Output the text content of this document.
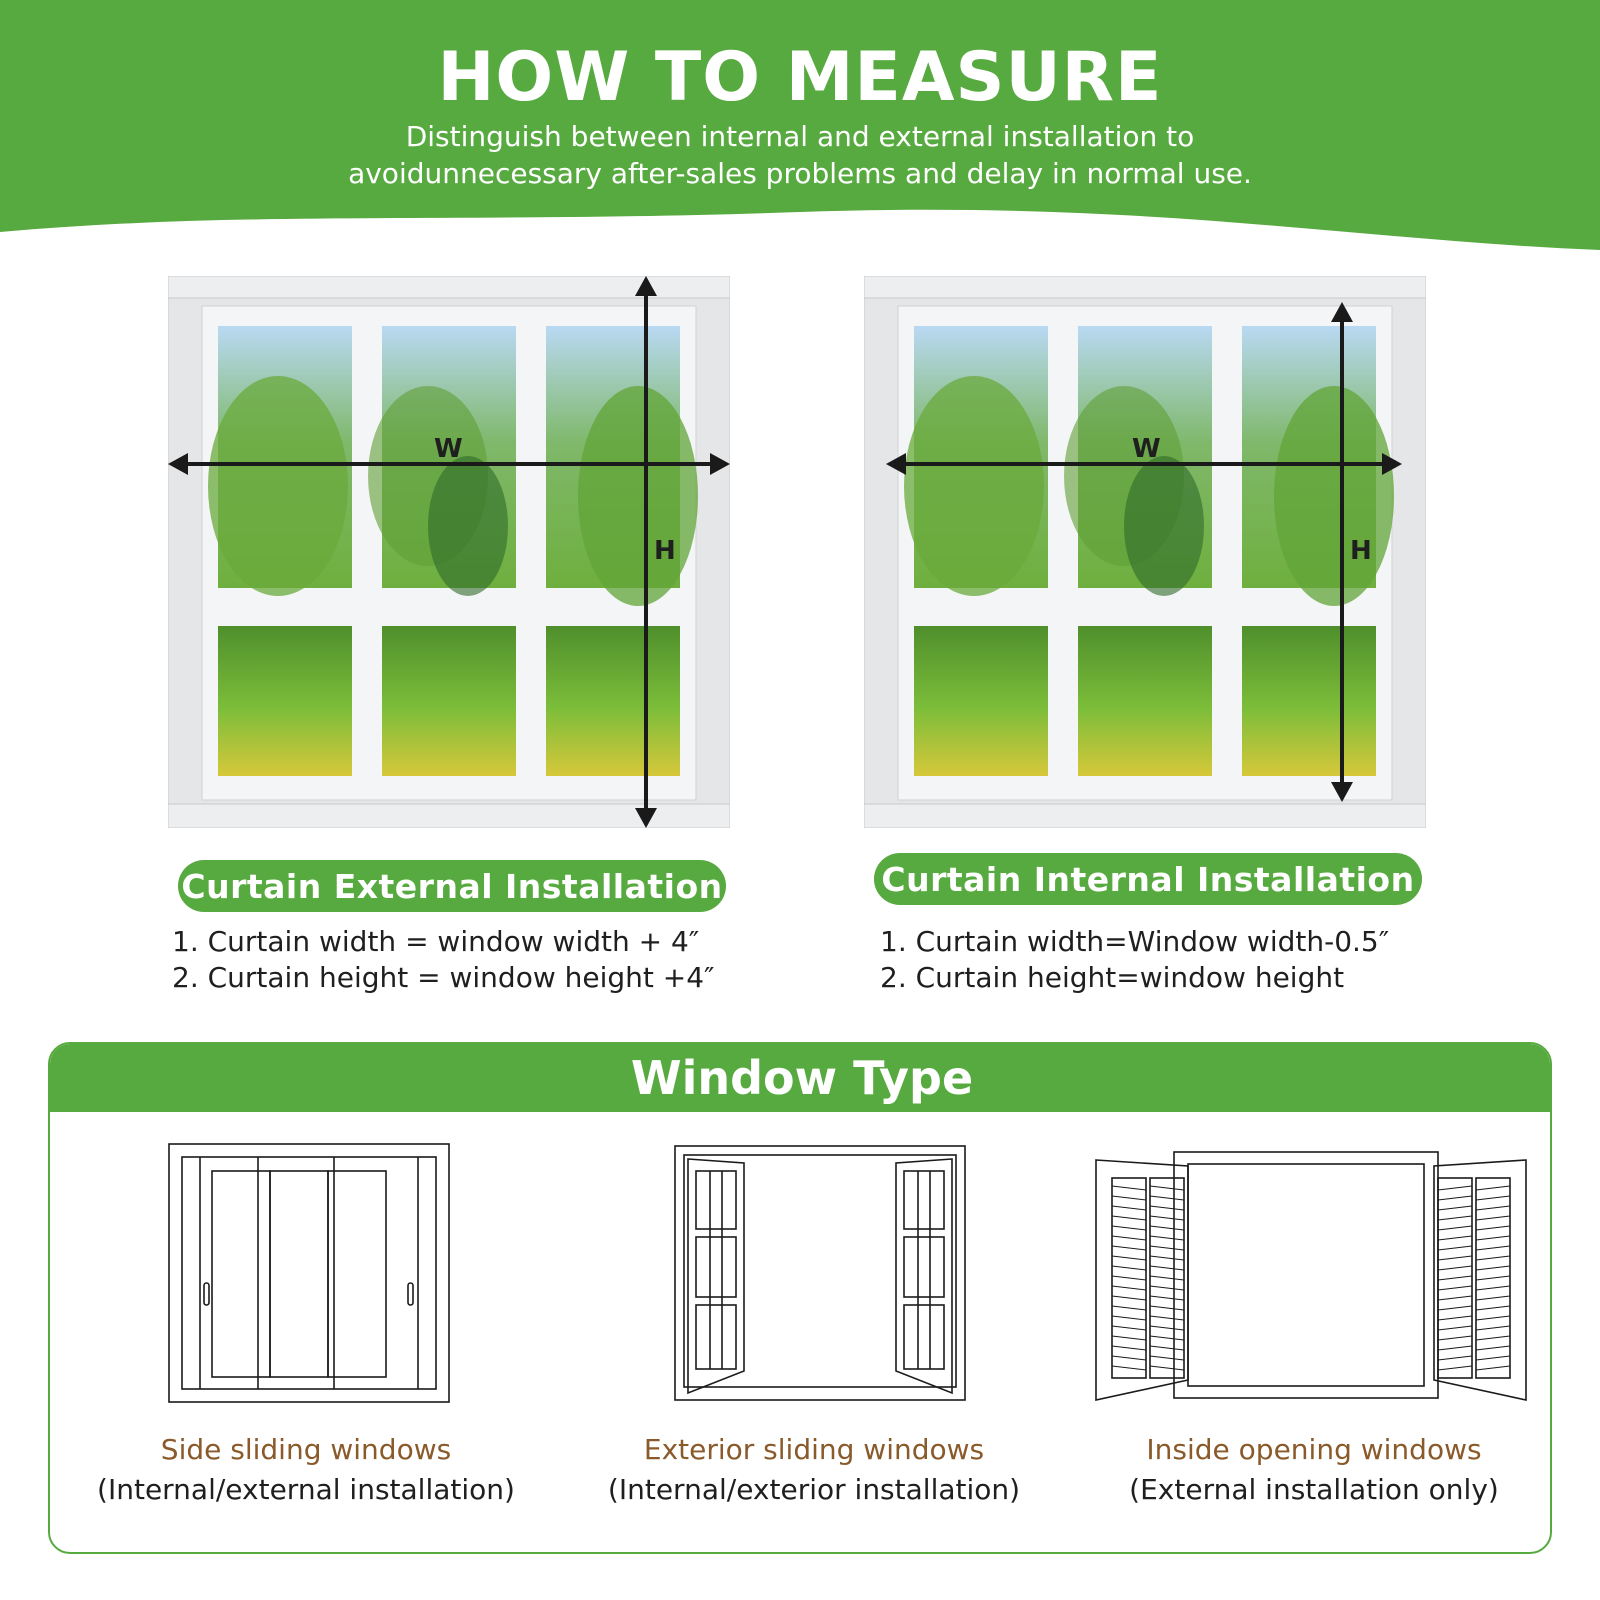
HOW TO MEASURE
Distinguish between internal and external installation to
avoidunnecessary after-sales problems and delay in normal use.
W
H
W
H
Curtain External Installation	Curtain Internal Installation
1. Curtain width = window width + 4″
2. Curtain height = window height +4″
1. Curtain width=Window width-0.5″
2. Curtain height=window height
Window Type
Side sliding windows
(Internal/external installation)
Exterior sliding windows
(Internal/exterior installation)
Inside opening windows
(External installation only)
